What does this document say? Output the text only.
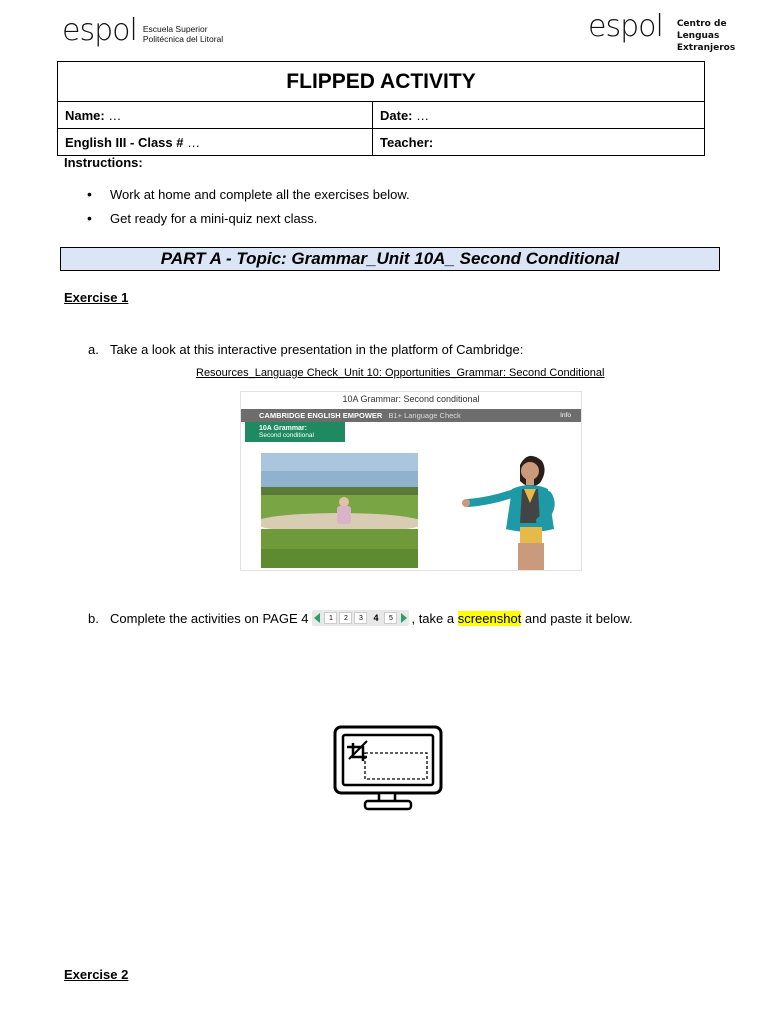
espol Escuela Superior
Politécnica del Litoral	espol Centro de
Lenguas Extranjeros
FLIPPED ACTIVITY	
Name: …	Date: …
English III - Class # …	Teacher:
Instructions:
• Work at home and complete all the exercises below.
• Get ready for a mini-quiz next class.
PART A - Topic: Grammar_Unit 10A_ Second Conditional
Exercise 1
a. Take a look at this interactive presentation in the platform of Cambridge:
Resources_Language Check_Unit 10: Opportunities_Grammar: Second Conditional
10A Grammar: Second conditional
CAMBRIDGE ENGLISH EMPOWER B1+ Language Check	Info
10A Grammar:
Second conditional
b. Complete the activities on PAGE 4	1	2	3	4	5	, take a screenshot and paste it below.
Exercise 2
